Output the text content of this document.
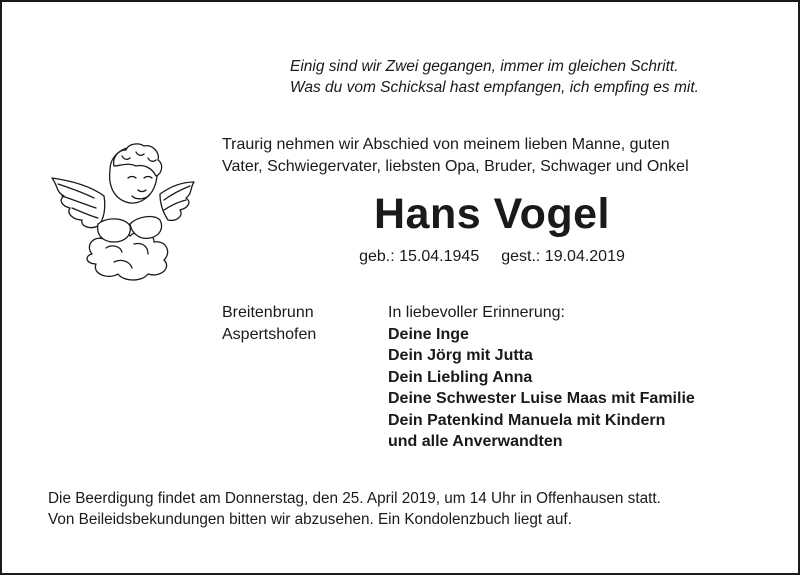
Einig sind wir Zwei gegangen, immer im gleichen Schritt.
Was du vom Schicksal hast empfangen, ich empfing es mit.
Traurig nehmen wir Abschied von meinem lieben Manne, guten
Vater, Schwiegervater, liebsten Opa, Bruder, Schwager und Onkel
Hans Vogel
geb.: 15.04.1945 gest.: 19.04.2019
Breitenbrunn
Aspertshofen
In liebevoller Erinnerung:
Deine Inge
Dein Jörg mit Jutta
Dein Liebling Anna
Deine Schwester Luise Maas mit Familie
Dein Patenkind Manuela mit Kindern
und alle Anverwandten
Die Beerdigung findet am Donnerstag, den 25. April 2019, um 14 Uhr in Offenhausen statt.
Von Beileidsbekundungen bitten wir abzusehen. Ein Kondolenzbuch liegt auf.
